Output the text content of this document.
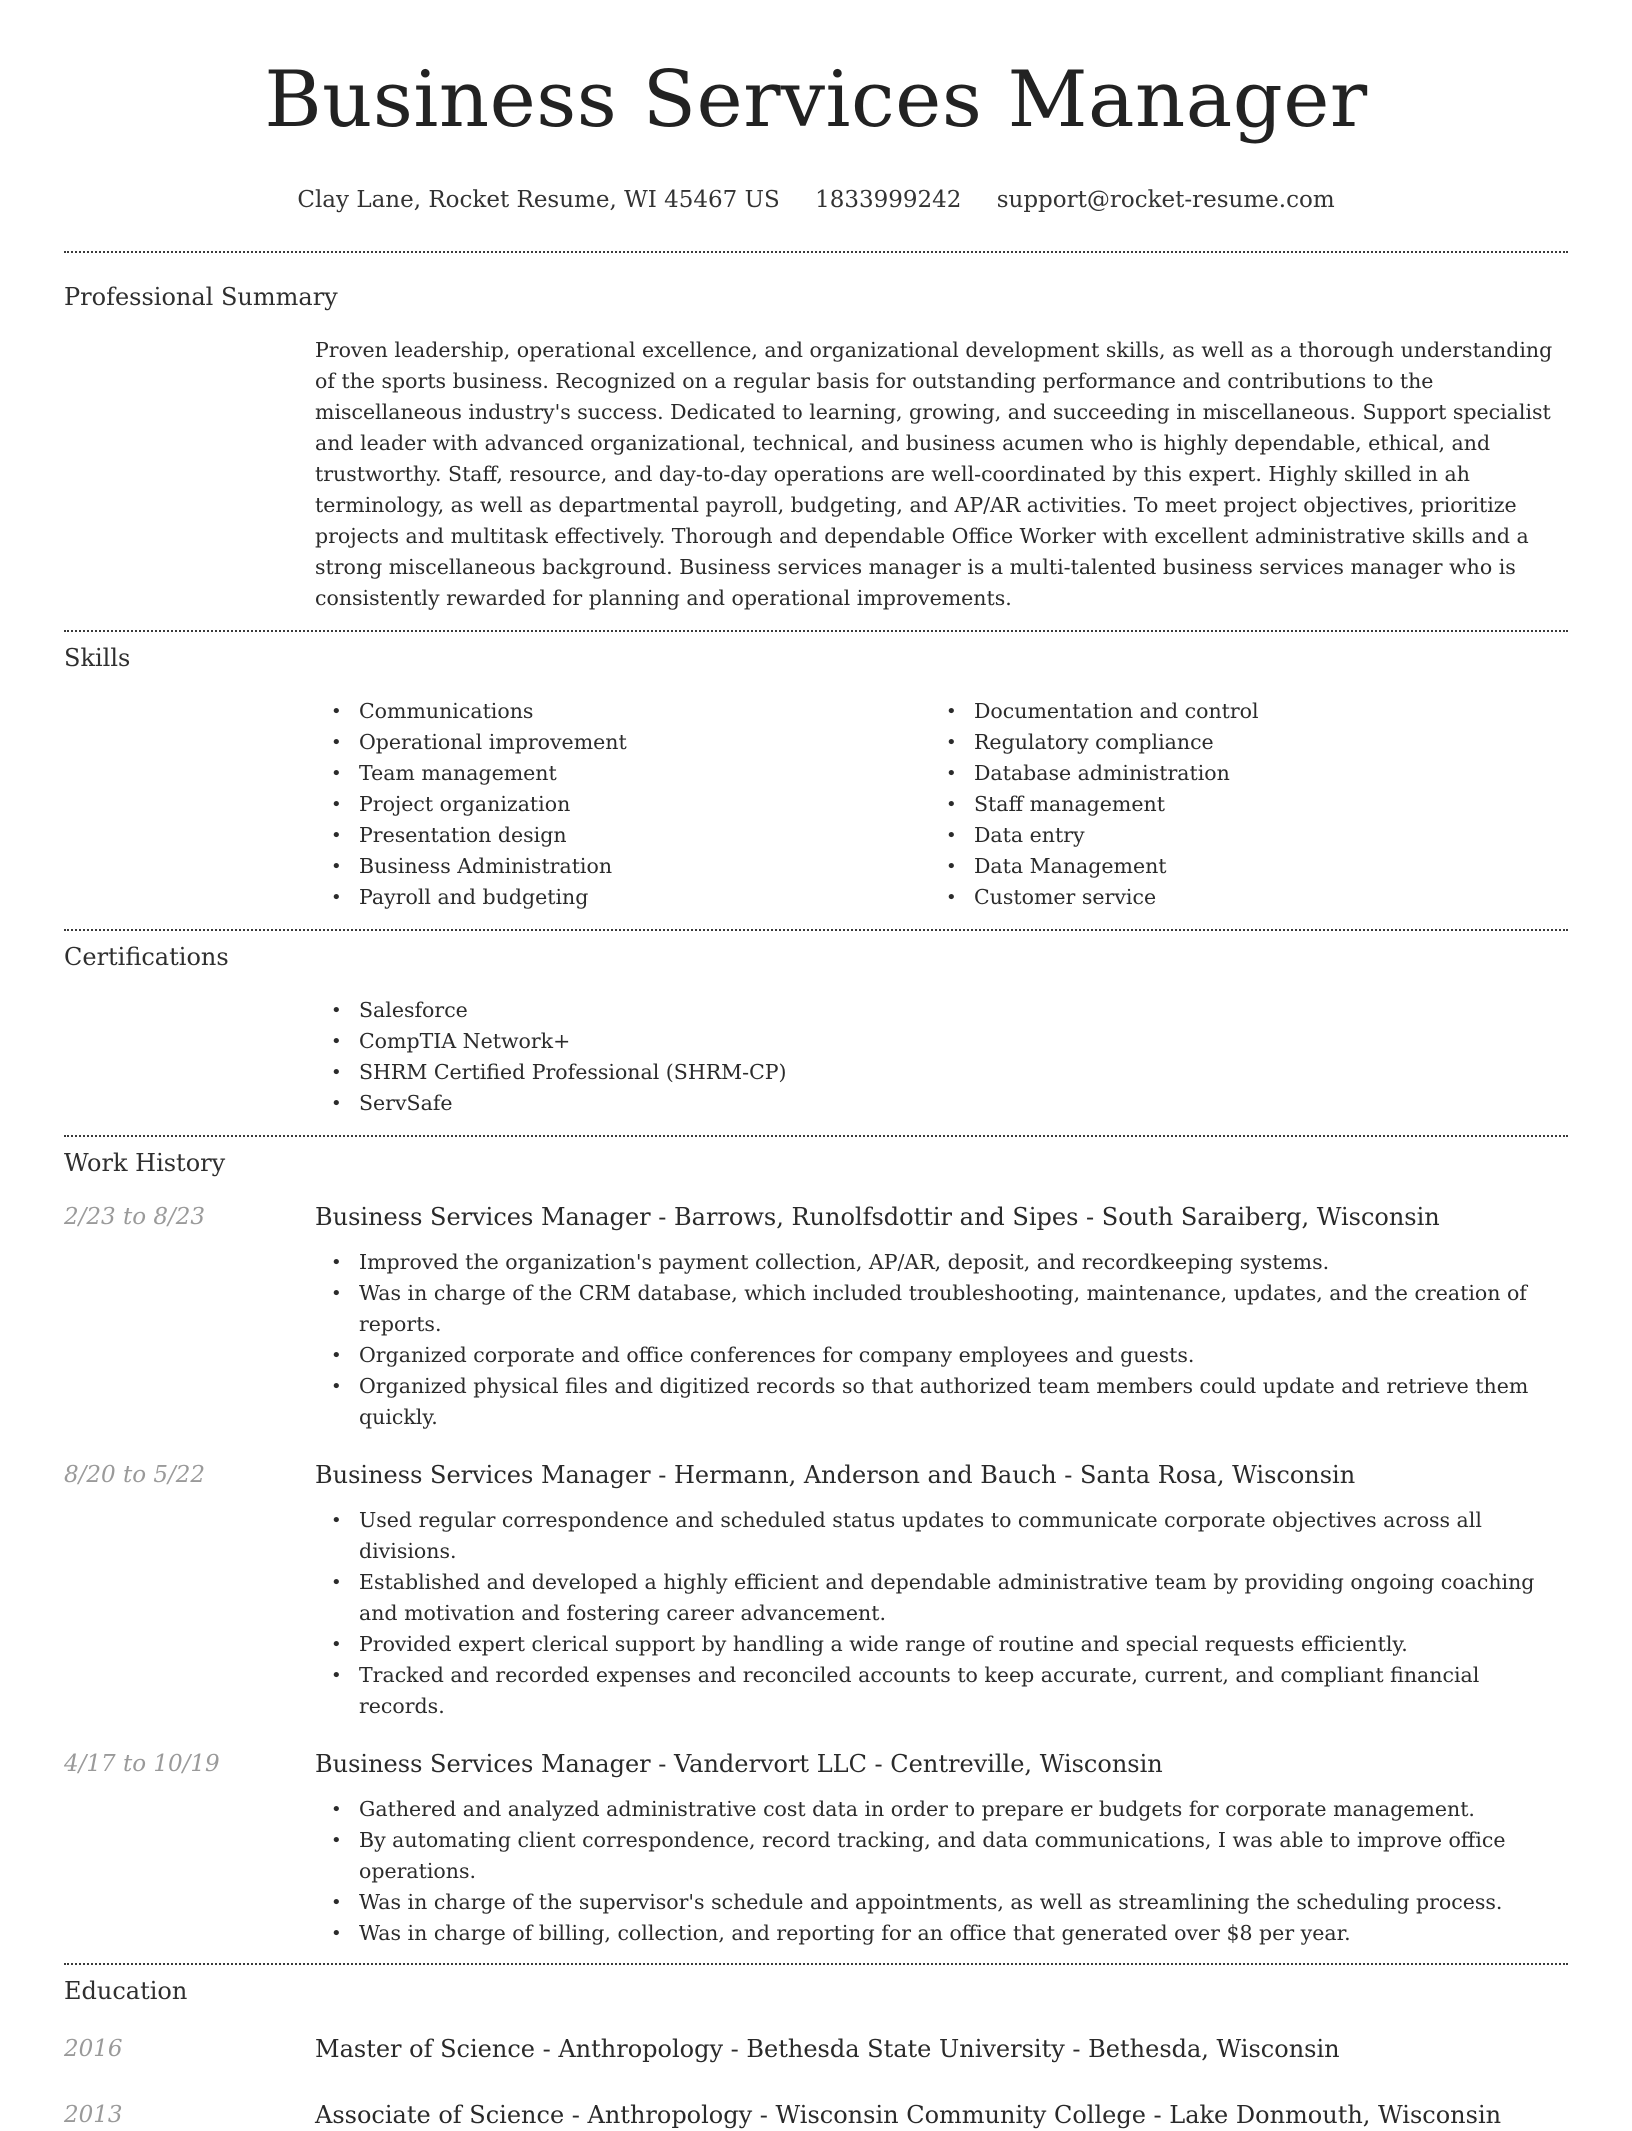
Business Services Manager
Clay Lane, Rocket Resume, WI 45467 US 1833999242 support@rocket-resume.com
Professional Summary

Proven leadership, operational excellence, and organizational development skills, as well as a thorough understanding of the sports business. Recognized on a regular basis for outstanding performance and contributions to the miscellaneous industry's success. Dedicated to learning, growing, and succeeding in miscellaneous. Support specialist and leader with advanced organizational, technical, and business acumen who is highly dependable, ethical, and trustworthy. Staff, resource, and day-to-day operations are well-coordinated by this expert. Highly skilled in ah terminology, as well as departmental payroll, budgeting, and AP/AR activities. To meet project objectives, prioritize projects and multitask effectively. Thorough and dependable Office Worker with excellent administrative skills and a strong miscellaneous background. Business services manager is a multi-talented business services manager who is consistently rewarded for planning and operational improvements.

Skills
• Communications
• Operational improvement
• Team management
• Project organization
• Presentation design
• Business Administration
• Payroll and budgeting
• Documentation and control
• Regulatory compliance
• Database administration
• Staff management
• Data entry
• Data Management
• Customer service
Certifications
• Salesforce
• CompTIA Network+
• SHRM Certified Professional (SHRM-CP)
• ServSafe
Work History
2/23 to 8/23	Business Services Manager - Barrows, Runolfsdottir and Sipes - South Saraiberg, Wisconsin
• Improved the organization's payment collection, AP/AR, deposit, and recordkeeping systems.
• Was in charge of the CRM database, which included troubleshooting, maintenance, updates, and the creation of reports.
• Organized corporate and office conferences for company employees and guests.
• Organized physical files and digitized records so that authorized team members could update and retrieve them quickly.
8/20 to 5/22	Business Services Manager - Hermann, Anderson and Bauch - Santa Rosa, Wisconsin
• Used regular correspondence and scheduled status updates to communicate corporate objectives across all divisions.
• Established and developed a highly efficient and dependable administrative team by providing ongoing coaching and motivation and fostering career advancement.
• Provided expert clerical support by handling a wide range of routine and special requests efficiently.
• Tracked and recorded expenses and reconciled accounts to keep accurate, current, and compliant financial records.
4/17 to 10/19	Business Services Manager - Vandervort LLC - Centreville, Wisconsin
• Gathered and analyzed administrative cost data in order to prepare er budgets for corporate management.
• By automating client correspondence, record tracking, and data communications, I was able to improve office operations.
• Was in charge of the supervisor's schedule and appointments, as well as streamlining the scheduling process.
• Was in charge of billing, collection, and reporting for an office that generated over $8 per year.
Education
2016	Master of Science - Anthropology - Bethesda State University - Bethesda, Wisconsin
2013	Associate of Science - Anthropology - Wisconsin Community College - Lake Donmouth, Wisconsin
